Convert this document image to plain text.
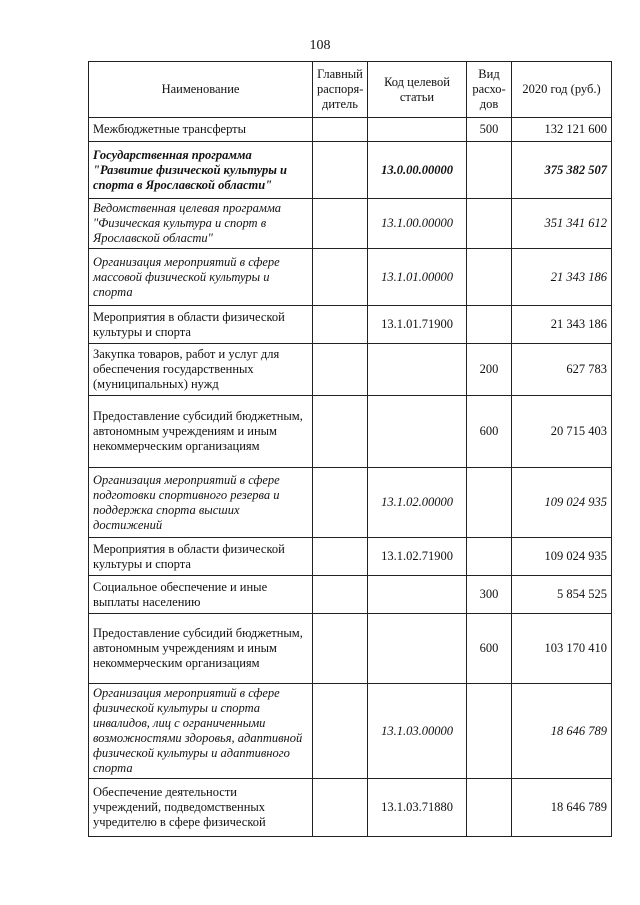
108
Наименование	Главный распоря- дитель	Код целевой статьи	Вид расхо- дов	2020 год (руб.)
Межбюджетные трансферты			500	132 121 600
Государственная программа "Развитие физической культуры и спорта в Ярославской области"		13.0.00.00000		375 382 507
Ведомственная целевая программа "Физическая культура и спорт в Ярославской области"		13.1.00.00000		351 341 612
Организация мероприятий в сфере массовой физической культуры и спорта		13.1.01.00000		21 343 186
Мероприятия в области физической культуры и спорта		13.1.01.71900		21 343 186
Закупка товаров, работ и услуг для обеспечения государственных (муниципальных) нужд			200	627 783
Предоставление субсидий бюджетным, автономным учреждениям и иным некоммерческим организациям			600	20 715 403
Организация мероприятий в сфере подготовки спортивного резерва и поддержка спорта высших достижений		13.1.02.00000		109 024 935
Мероприятия в области физической культуры и спорта		13.1.02.71900		109 024 935
Социальное обеспечение и иные выплаты населению			300	5 854 525
Предоставление субсидий бюджетным, автономным учреждениям и иным некоммерческим организациям			600	103 170 410
Организация мероприятий в сфере физической культуры и спорта инвалидов, лиц с ограниченными возможностями здоровья, адаптивной физической культуры и адаптивного спорта		13.1.03.00000		18 646 789
Обеспечение деятельности учреждений, подведомственных учредителю в сфере физической		13.1.03.71880		18 646 789
